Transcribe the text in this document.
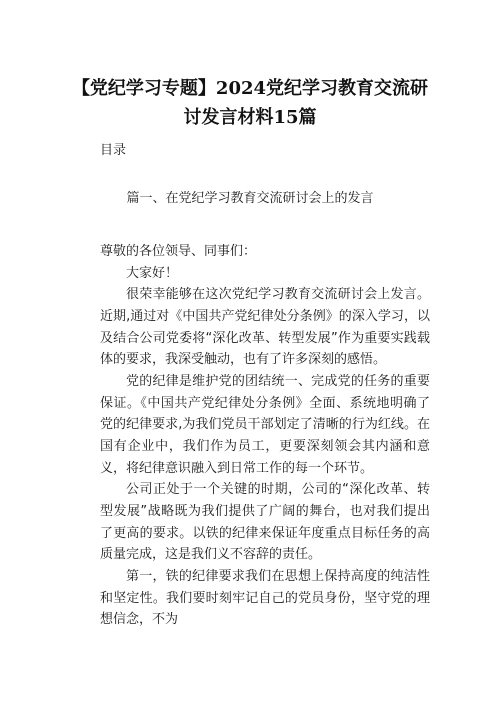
【党纪学习专题】2024党纪学习教育交流研
讨发言材料15篇

目录

篇一、在党纪学习教育交流研讨会上的发言

尊敬的各位领导、同事们：

大家好！

很荣幸能够在这次党纪学习教育交流研讨会上发言。近期,通过对《中国共产党纪律处分条例》的深入学习，以及结合公司党委将“深化改革、转型发展”作为重要实践载体的要求，我深受触动，也有了许多深刻的感悟。

党的纪律是维护党的团结统一、完成党的任务的重要保证。《中国共产党纪律处分条例》全面、系统地明确了党的纪律要求,为我们党员干部划定了清晰的行为红线。在国有企业中，我们作为员工，更要深刻领会其内涵和意义，将纪律意识融入到日常工作的每一个环节。

公司正处于一个关键的时期，公司的“深化改革、转型发展”战略既为我们提供了广阔的舞台，也对我们提出了更高的要求。以铁的纪律来保证年度重点目标任务的高质量完成，这是我们义不容辞的责任。

第一，铁的纪律要求我们在思想上保持高度的纯洁性和坚定性。我们要时刻牢记自己的党员身份，坚守党的理想信念，不为
